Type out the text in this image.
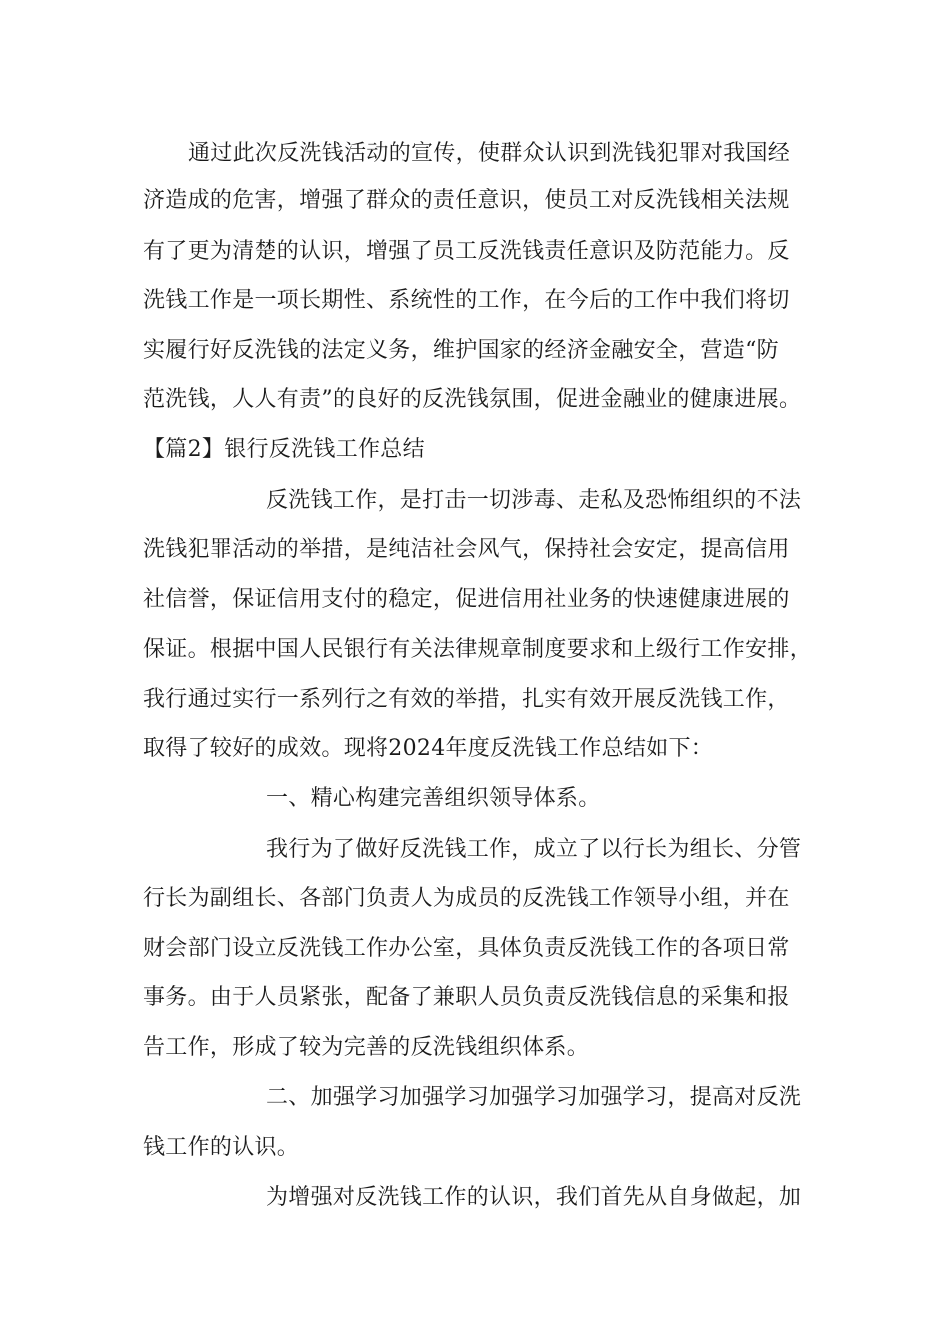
通过此次反洗钱活动的宣传，使群众认识到洗钱犯罪对我国经
济造成的危害，增强了群众的责任意识，使员工对反洗钱相关法规
有了更为清楚的认识，增强了员工反洗钱责任意识及防范能力。反
洗钱工作是一项长期性、系统性的工作，在今后的工作中我们将切
实履行好反洗钱的法定义务，维护国家的经济金融安全，营造“防
范洗钱，人人有责”的良好的反洗钱氛围，促进金融业的健康进展。
【篇2】银行反洗钱工作总结
反洗钱工作，是打击一切涉毒、走私及恐怖组织的不法
洗钱犯罪活动的举措，是纯洁社会风气，保持社会安定，提高信用
社信誉，保证信用支付的稳定，促进信用社业务的快速健康进展的
保证。根据中国人民银行有关法律规章制度要求和上级行工作安排，
我行通过实行一系列行之有效的举措，扎实有效开展反洗钱工作，
取得了较好的成效。现将2024年度反洗钱工作总结如下：
一、精心构建完善组织领导体系。
我行为了做好反洗钱工作，成立了以行长为组长、分管
行长为副组长、各部门负责人为成员的反洗钱工作领导小组，并在
财会部门设立反洗钱工作办公室，具体负责反洗钱工作的各项日常
事务。由于人员紧张，配备了兼职人员负责反洗钱信息的采集和报
告工作，形成了较为完善的反洗钱组织体系。
二、加强学习加强学习加强学习加强学习，提高对反洗
钱工作的认识。
为增强对反洗钱工作的认识，我们首先从自身做起，加
